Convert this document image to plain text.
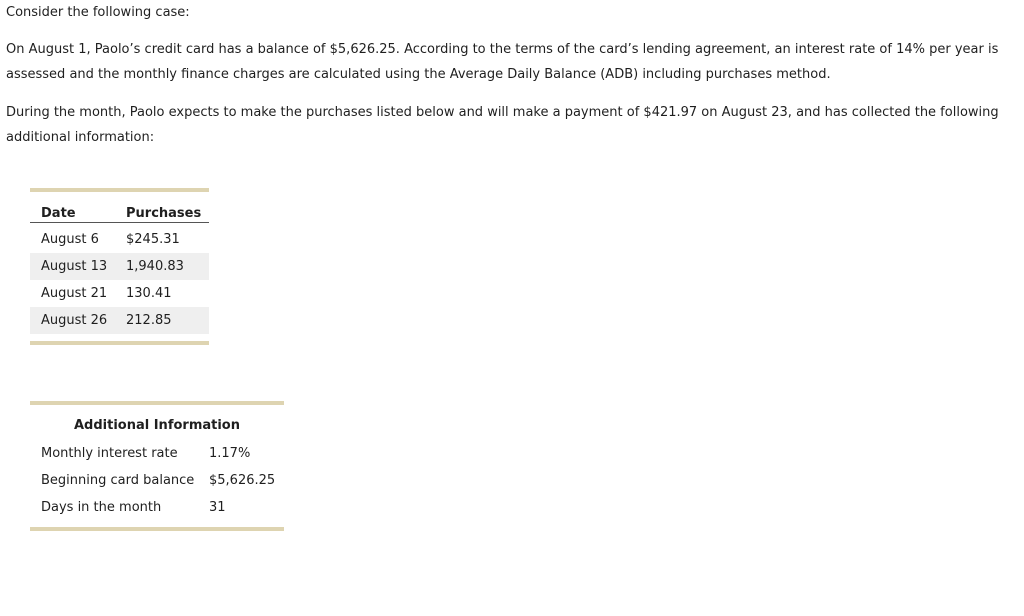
Consider the following case:

On August 1, Paolo’s credit card has a balance of $5,626.25. According to the terms of the card’s lending agreement, an interest rate of 14% per year is assessed and the monthly finance charges are calculated using the Average Daily Balance (ADB) including purchases method.

During the month, Paolo expects to make the purchases listed below and will make a payment of $421.97 on August 23, and has collected the following additional information:

Date	Purchases
August 6 $245.31
August 13 1,940.83
August 21 130.41
August 26 212.85
Additional Information
Monthly interest rate 1.17%
Beginning card balance $5,626.25
Days in the month	31
